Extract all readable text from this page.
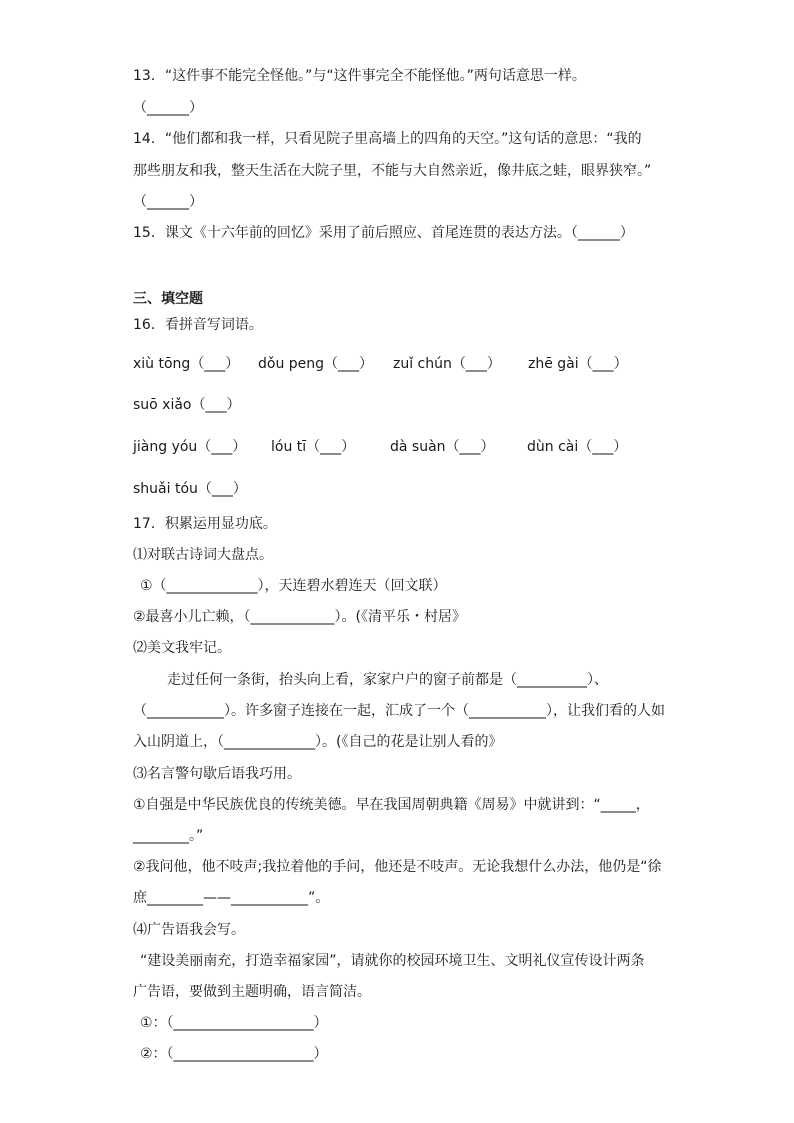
13．“这件事不能完全怪他。”与“这件事完全不能怪他。”两句话意思一样。
（______）
14．“他们都和我一样，只看见院子里高墙上的四角的天空。”这句话的意思：“我的
那些朋友和我，整天生活在大院子里，不能与大自然亲近，像井底之蛙，眼界狭窄。”
（______）
15．课文《十六年前的回忆》采用了前后照应、首尾连贯的表达方法。（______）
三、填空题
16．看拼音写词语。
xiù tōng（___）	dǒu peng（___）	zuǐ chún（___）	zhē gài（___）
suō xiǎo（___）
jiàng yóu（___）	lóu tī（___）	dà suàn（___）	dùn cài（___）
shuǎi tóu（___）
17．积累运用显功底。
⑴对联古诗词大盘点。
①（_____________），天连碧水碧连天（回文联）
②最喜小儿亡赖，（____________）。(《清平乐・村居》
⑵美文我牢记。
走过任何一条街，抬头向上看，家家户户的窗子前都是（__________）、
（___________）。许多窗子连接在一起，汇成了一个（___________），让我们看的人如
入山阴道上，（_____________）。(《自己的花是让别人看的》
⑶名言警句歇后语我巧用。
①自强是中华民族优良的传统美德。早在我国周朝典籍《周易》中就讲到：“_____，
________。”
②我问他，他不吱声;我拉着他的手问，他还是不吱声。无论我想什么办法，他仍是“徐
庶________——___________”。
⑷广告语我会写。
“建设美丽南充，打造幸福家园”，请就你的校园环境卫生、文明礼仪宣传设计两条
广告语，要做到主题明确，语言简洁。
①：（____________________）
②：（____________________）
